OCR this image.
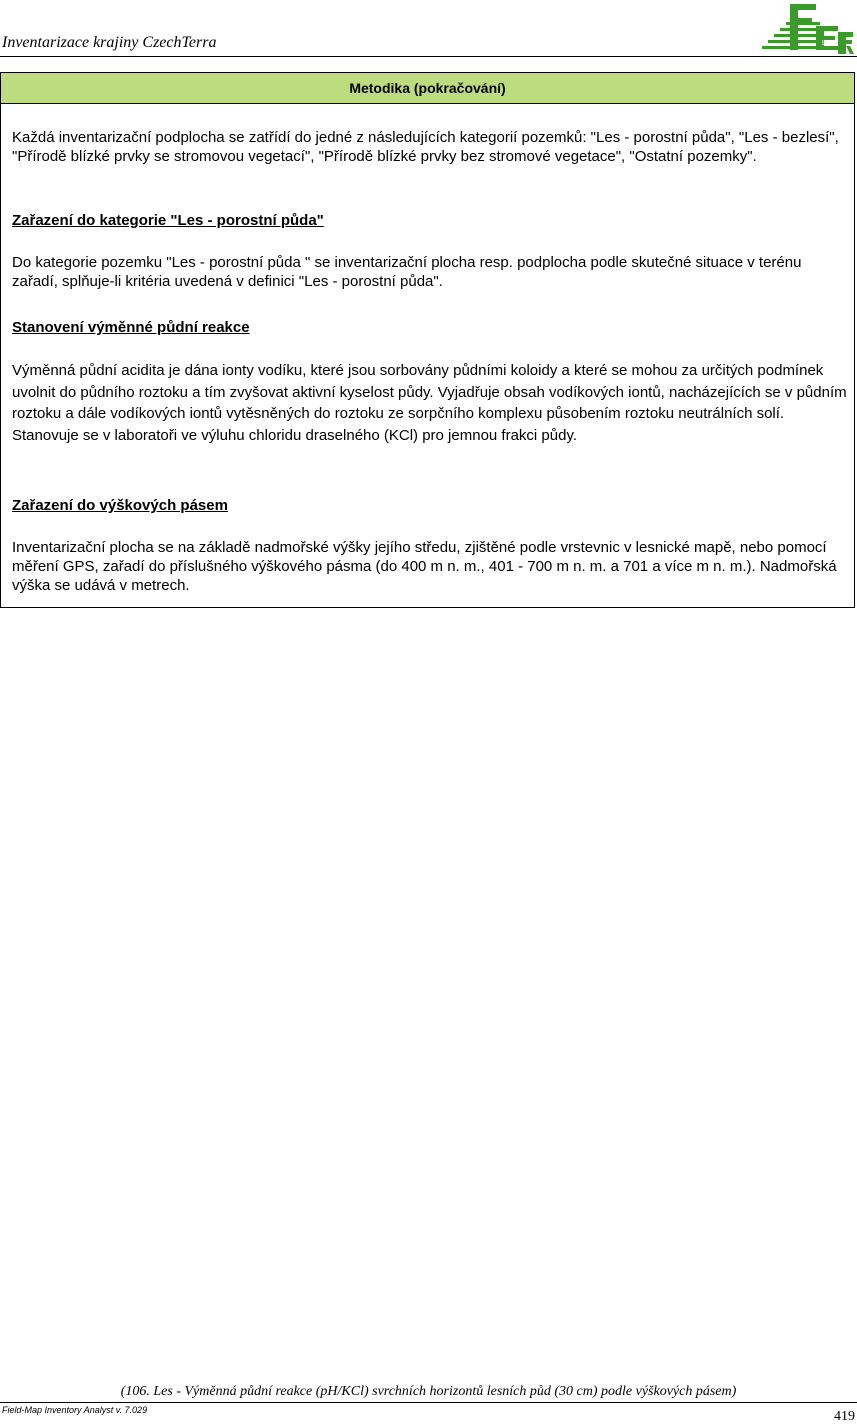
Inventarizace krajiny CzechTerra	LE
Metodika (pokračování)
Každá inventarizační podplocha se zatřídí do jedné z následujících kategorií pozemků: "Les - porostní půda", "Les - bezlesí", "Přírodě blízké prvky se stromovou vegetací", "Přírodě blízké prvky bez stromové vegetace", "Ostatní pozemky".
Zařazení do kategorie "Les - porostní půda"
Do kategorie pozemku "Les - porostní půda " se inventarizační plocha resp. podplocha podle skutečné situace v terénu zařadí, splňuje-li kritéria uvedená v definici "Les - porostní půda".
Stanovení výměnné půdní reakce
Výměnná půdní acidita je dána ionty vodíku, které jsou sorbovány půdními koloidy a které se mohou za určitých podmínek uvolnit do půdního roztoku a tím zvyšovat aktivní kyselost půdy. Vyjadřuje obsah vodíkových iontů, nacházejících se v půdním roztoku a dále vodíkových iontů vytěsněných do roztoku ze sorpčního komplexu působením roztoku neutrálních solí. Stanovuje se v laboratoři ve výluhu chloridu draselného (KCl) pro jemnou frakci půdy.
Zařazení do výškových pásem
Inventarizační plocha se na základě nadmořské výšky jejího středu, zjištěné podle vrstevnic v lesnické mapě, nebo pomocí měření GPS, zařadí do příslušného výškového pásma (do 400 m n. m., 401 - 700 m n. m. a 701 a více m n. m.). Nadmořská výška se udává v metrech.
(106. Les - Výměnná půdní reakce (pH/KCl) svrchních horizontů lesních půd (30 cm) podle výškových pásem)
Field-Map Inventory Analyst v. 7.029	419
